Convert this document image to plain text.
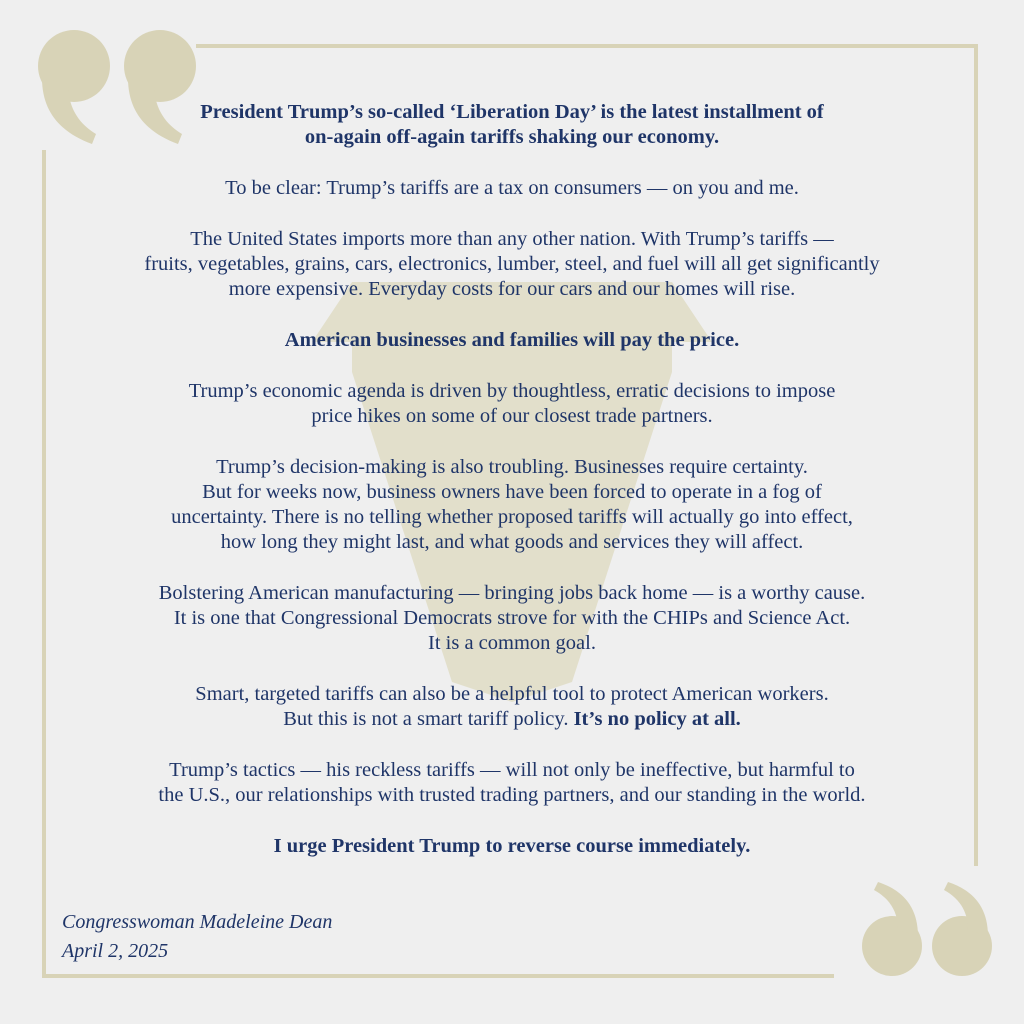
President Trump’s so-called ‘Liberation Day’ is the latest installment of
on-again off-again tariffs shaking our economy.

To be clear: Trump’s tariffs are a tax on consumers — on you and me.

The United States imports more than any other nation. With Trump’s tariffs —
fruits, vegetables, grains, cars, electronics, lumber, steel, and fuel will all get significantly
more expensive. Everyday costs for our cars and our homes will rise.

American businesses and families will pay the price.

Trump’s economic agenda is driven by thoughtless, erratic decisions to impose
price hikes on some of our closest trade partners.

Trump’s decision-making is also troubling. Businesses require certainty.
But for weeks now, business owners have been forced to operate in a fog of
uncertainty. There is no telling whether proposed tariffs will actually go into effect,
how long they might last, and what goods and services they will affect.

Bolstering American manufacturing — bringing jobs back home — is a worthy cause.
It is one that Congressional Democrats strove for with the CHIPs and Science Act.
It is a common goal.

Smart, targeted tariffs can also be a helpful tool to protect American workers.
But this is not a smart tariff policy. It’s no policy at all.

Trump’s tactics — his reckless tariffs — will not only be ineffective, but harmful to
the U.S., our relationships with trusted trading partners, and our standing in the world.

I urge President Trump to reverse course immediately.

Congresswoman Madeleine Dean
April 2, 2025
